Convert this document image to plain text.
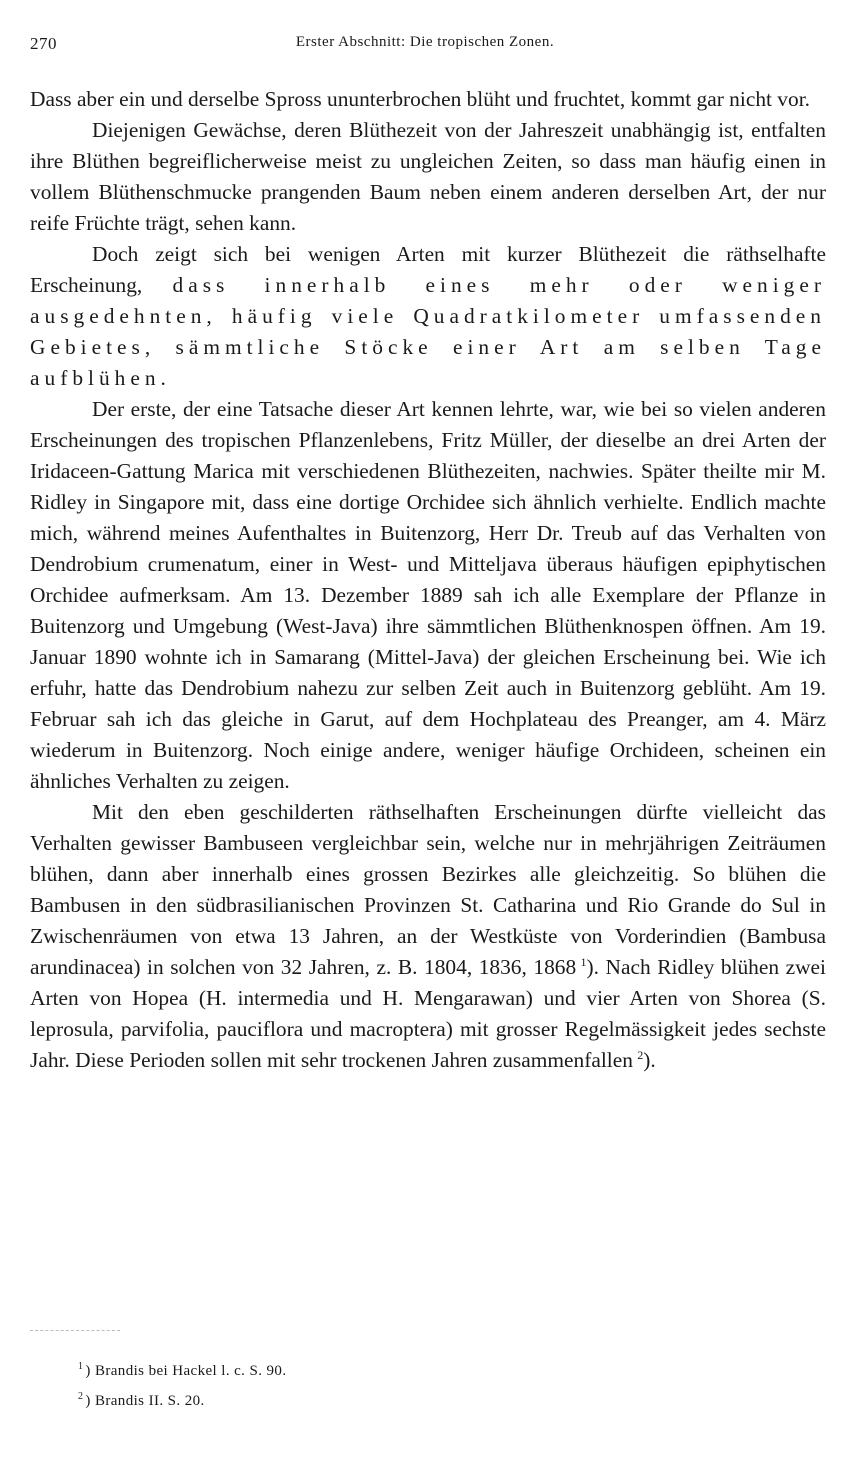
270	Erster Abschnitt: Die tropischen Zonen.

Dass aber ein und derselbe Spross ununterbrochen blüht und fruchtet, kommt gar nicht vor.

Diejenigen Gewächse, deren Blüthezeit von der Jahreszeit unabhängig ist, entfalten ihre Blüthen begreiflicherweise meist zu ungleichen Zeiten, so dass man häufig einen in vollem Blüthenschmucke prangenden Baum neben einem anderen derselben Art, der nur reife Früchte trägt, sehen kann.

Doch zeigt sich bei wenigen Arten mit kurzer Blüthezeit die räthselhafte Erscheinung, dass innerhalb eines mehr oder weniger ausgedehnten, häufig viele Quadratkilometer umfassenden Gebietes, sämmtliche Stöcke einer Art am selben Tage aufblühen.

Der erste, der eine Tatsache dieser Art kennen lehrte, war, wie bei so vielen anderen Erscheinungen des tropischen Pflanzenlebens, Fritz Müller, der dieselbe an drei Arten der Iridaceen-Gattung Marica mit verschiedenen Blüthezeiten, nachwies. Später theilte mir M. Ridley in Singapore mit, dass eine dortige Orchidee sich ähnlich verhielte. Endlich machte mich, während meines Aufenthaltes in Buitenzorg, Herr Dr. Treub auf das Verhalten von Dendrobium crumenatum, einer in West- und Mitteljava überaus häufigen epiphytischen Orchidee aufmerksam. Am 13. Dezember 1889 sah ich alle Exemplare der Pflanze in Buitenzorg und Umgebung (West-Java) ihre sämmtlichen Blüthenknospen öffnen. Am 19. Januar 1890 wohnte ich in Samarang (Mittel-Java) der gleichen Erscheinung bei. Wie ich erfuhr, hatte das Dendrobium nahezu zur selben Zeit auch in Buitenzorg geblüht. Am 19. Februar sah ich das gleiche in Garut, auf dem Hochplateau des Preanger, am 4. März wiederum in Buitenzorg. Noch einige andere, weniger häufige Orchideen, scheinen ein ähnliches Verhalten zu zeigen.

Mit den eben geschilderten räthselhaften Erscheinungen dürfte vielleicht das Verhalten gewisser Bambuseen vergleichbar sein, welche nur in mehrjährigen Zeiträumen blühen, dann aber innerhalb eines grossen Bezirkes alle gleichzeitig. So blühen die Bambusen in den südbrasilianischen Provinzen St. Catharina und Rio Grande do Sul in Zwischenräumen von etwa 13 Jahren, an der Westküste von Vorderindien (Bambusa arundinacea) in solchen von 32 Jahren, z. B. 1804, 1836, 1868  $^1$). Nach Ridley blühen zwei Arten von Hopea (H. intermedia und H. Mengarawan) und vier Arten von Shorea (S. leprosula, parvifolia, pauciflora und macroptera) mit grosser Regelmässigkeit jedes sechste Jahr. Diese Perioden sollen mit sehr trockenen Jahren zusammenfallen  $^2$).

$^1$ ) Brandis bei Hackel l. c. S. 90.

$^2$ ) Brandis II. S. 20.
